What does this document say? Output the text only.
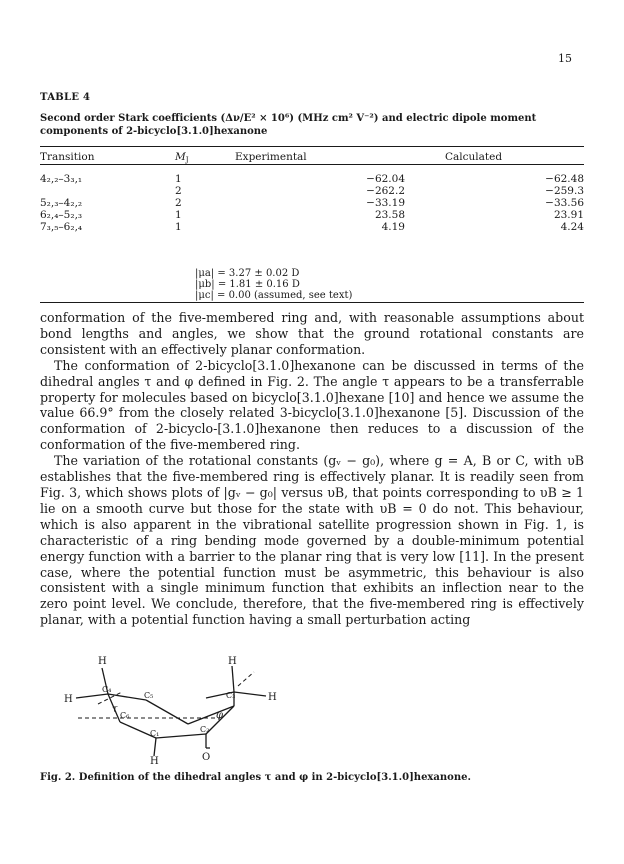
15
TABLE 4
Second order Stark coefficients (Δν/E² × 10⁶) (MHz cm² V⁻²) and electric dipole moment components of 2-bicyclo[3.1.0]hexanone
Transition	$M_J$	Experimental	Calculated

4₂,₂–3₃,₁	1	−62.04	−62.48
	2	−262.2	−259.3
5₂,₃–4₂,₂	2	−33.19	−33.56
6₂,₄–5₂,₃	1	23.58	23.91
7₃,₅–6₂,₄	1	4.19	4.24
|μa| = 3.27 ± 0.02 D
|μb| = 1.81 ± 0.16 D
|μc| = 0.00 (assumed, see text)

conformation of the five-membered ring and, with reasonable assumptions about bond lengths and angles, we show that the ground rotational constants are consistent with an effectively planar conformation.

The conformation of 2-bicyclo[3.1.0]hexanone can be discussed in terms of the dihedral angles τ and φ defined in Fig. 2. The angle τ appears to be a transferrable property for molecules based on bicyclo[3.1.0]hexane [10] and hence we assume the value 66.9° from the closely related 3-bicyclo[3.1.0]hexanone [5]. Discussion of the conformation of 2-bicyclo-[3.1.0]hexanone then reduces to a discussion of the conformation of the five-membered ring.

The variation of the rotational constants (gᵥ − g₀), where g = A, B or C, with υB establishes that the five-membered ring is effectively planar. It is readily seen from Fig. 3, which shows plots of |gᵥ − g₀| versus υB, that points corresponding to υB ≥ 1 lie on a smooth curve but those for the state with υB = 0 do not. This behaviour, which is also apparent in the vibrational satellite progression shown in Fig. 1, is characteristic of a ring bending mode governed by a double-minimum potential energy function with a barrier to the planar ring that is very low [11]. In the present case, where the potential function must be asymmetric, this behaviour is also consistent with a single minimum function that exhibits an inflection near to the zero point level. We conclude, therefore, that the five-membered ring is effectively planar, with a potential function having a small perturbation acting

H	H
H	H
H
C₁	C₂
C₃
C₄
C₅
C₆
O
τ
φ
Fig. 2. Definition of the dihedral angles τ and φ in 2-bicyclo[3.1.0]hexanone.
